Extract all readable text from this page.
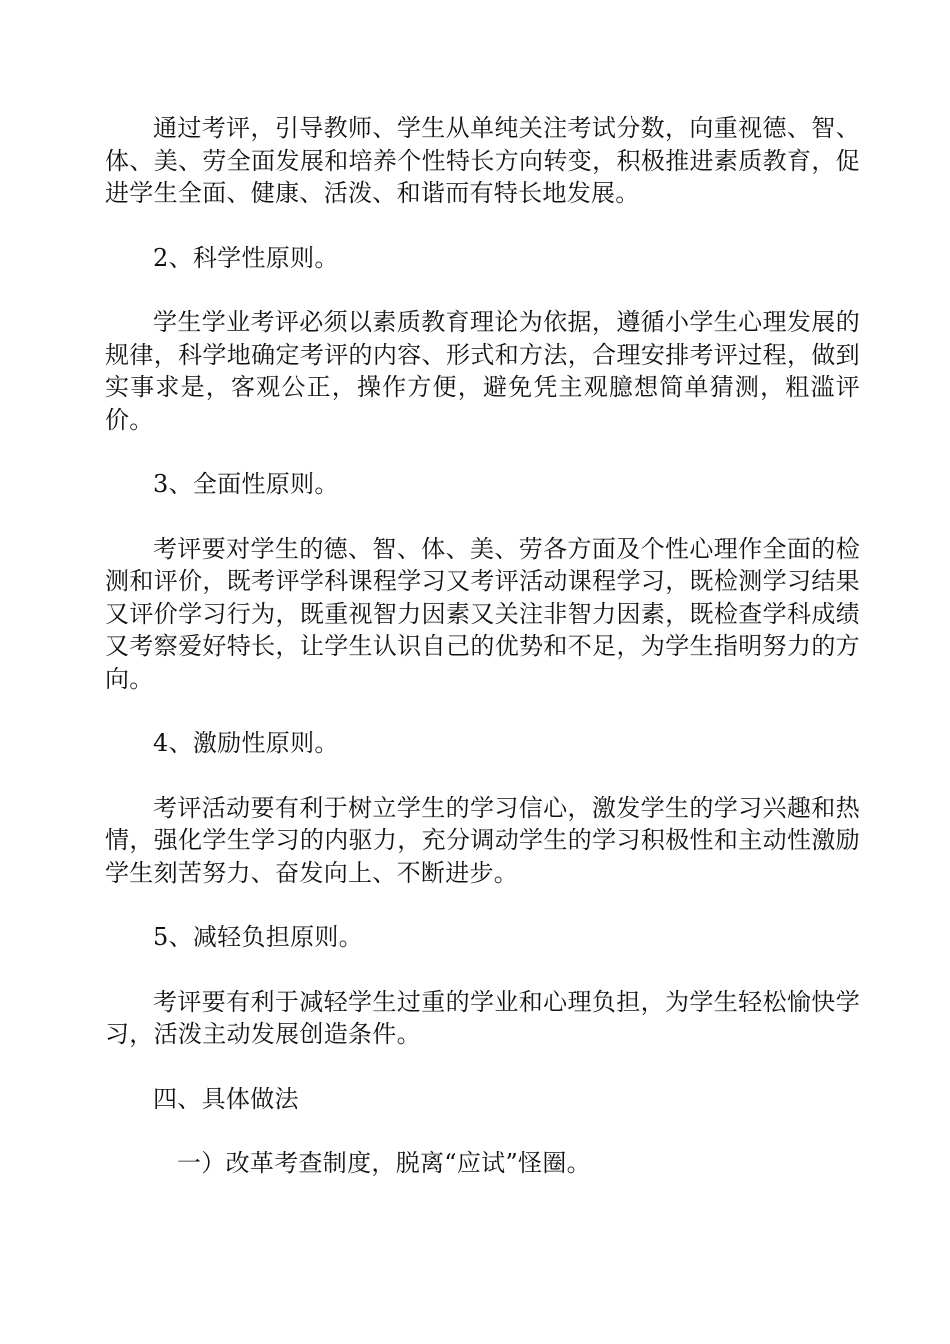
通过考评，引导教师、学生从单纯关注考试分数，向重视德、智、体、美、劳全面发展和培养个性特长方向转变，积极推进素质教育，促进学生全面、健康、活泼、和谐而有特长地发展。

2、科学性原则。

学生学业考评必须以素质教育理论为依据，遵循小学生心理发展的规律，科学地确定考评的内容、形式和方法，合理安排考评过程，做到实事求是，客观公正，操作方便，避免凭主观臆想简单猜测，粗滥评价。

3、全面性原则。

考评要对学生的德、智、体、美、劳各方面及个性心理作全面的检测和评价，既考评学科课程学习又考评活动课程学习，既检测学习结果又评价学习行为，既重视智力因素又关注非智力因素，既检查学科成绩又考察爱好特长，让学生认识自己的优势和不足，为学生指明努力的方向。

4、激励性原则。

考评活动要有利于树立学生的学习信心，激发学生的学习兴趣和热情，强化学生学习的内驱力，充分调动学生的学习积极性和主动性激励学生刻苦努力、奋发向上、不断进步。

5、减轻负担原则。

考评要有利于减轻学生过重的学业和心理负担，为学生轻松愉快学习，活泼主动发展创造条件。

四、具体做法

一）改革考查制度，脱离“应试”怪圈。
